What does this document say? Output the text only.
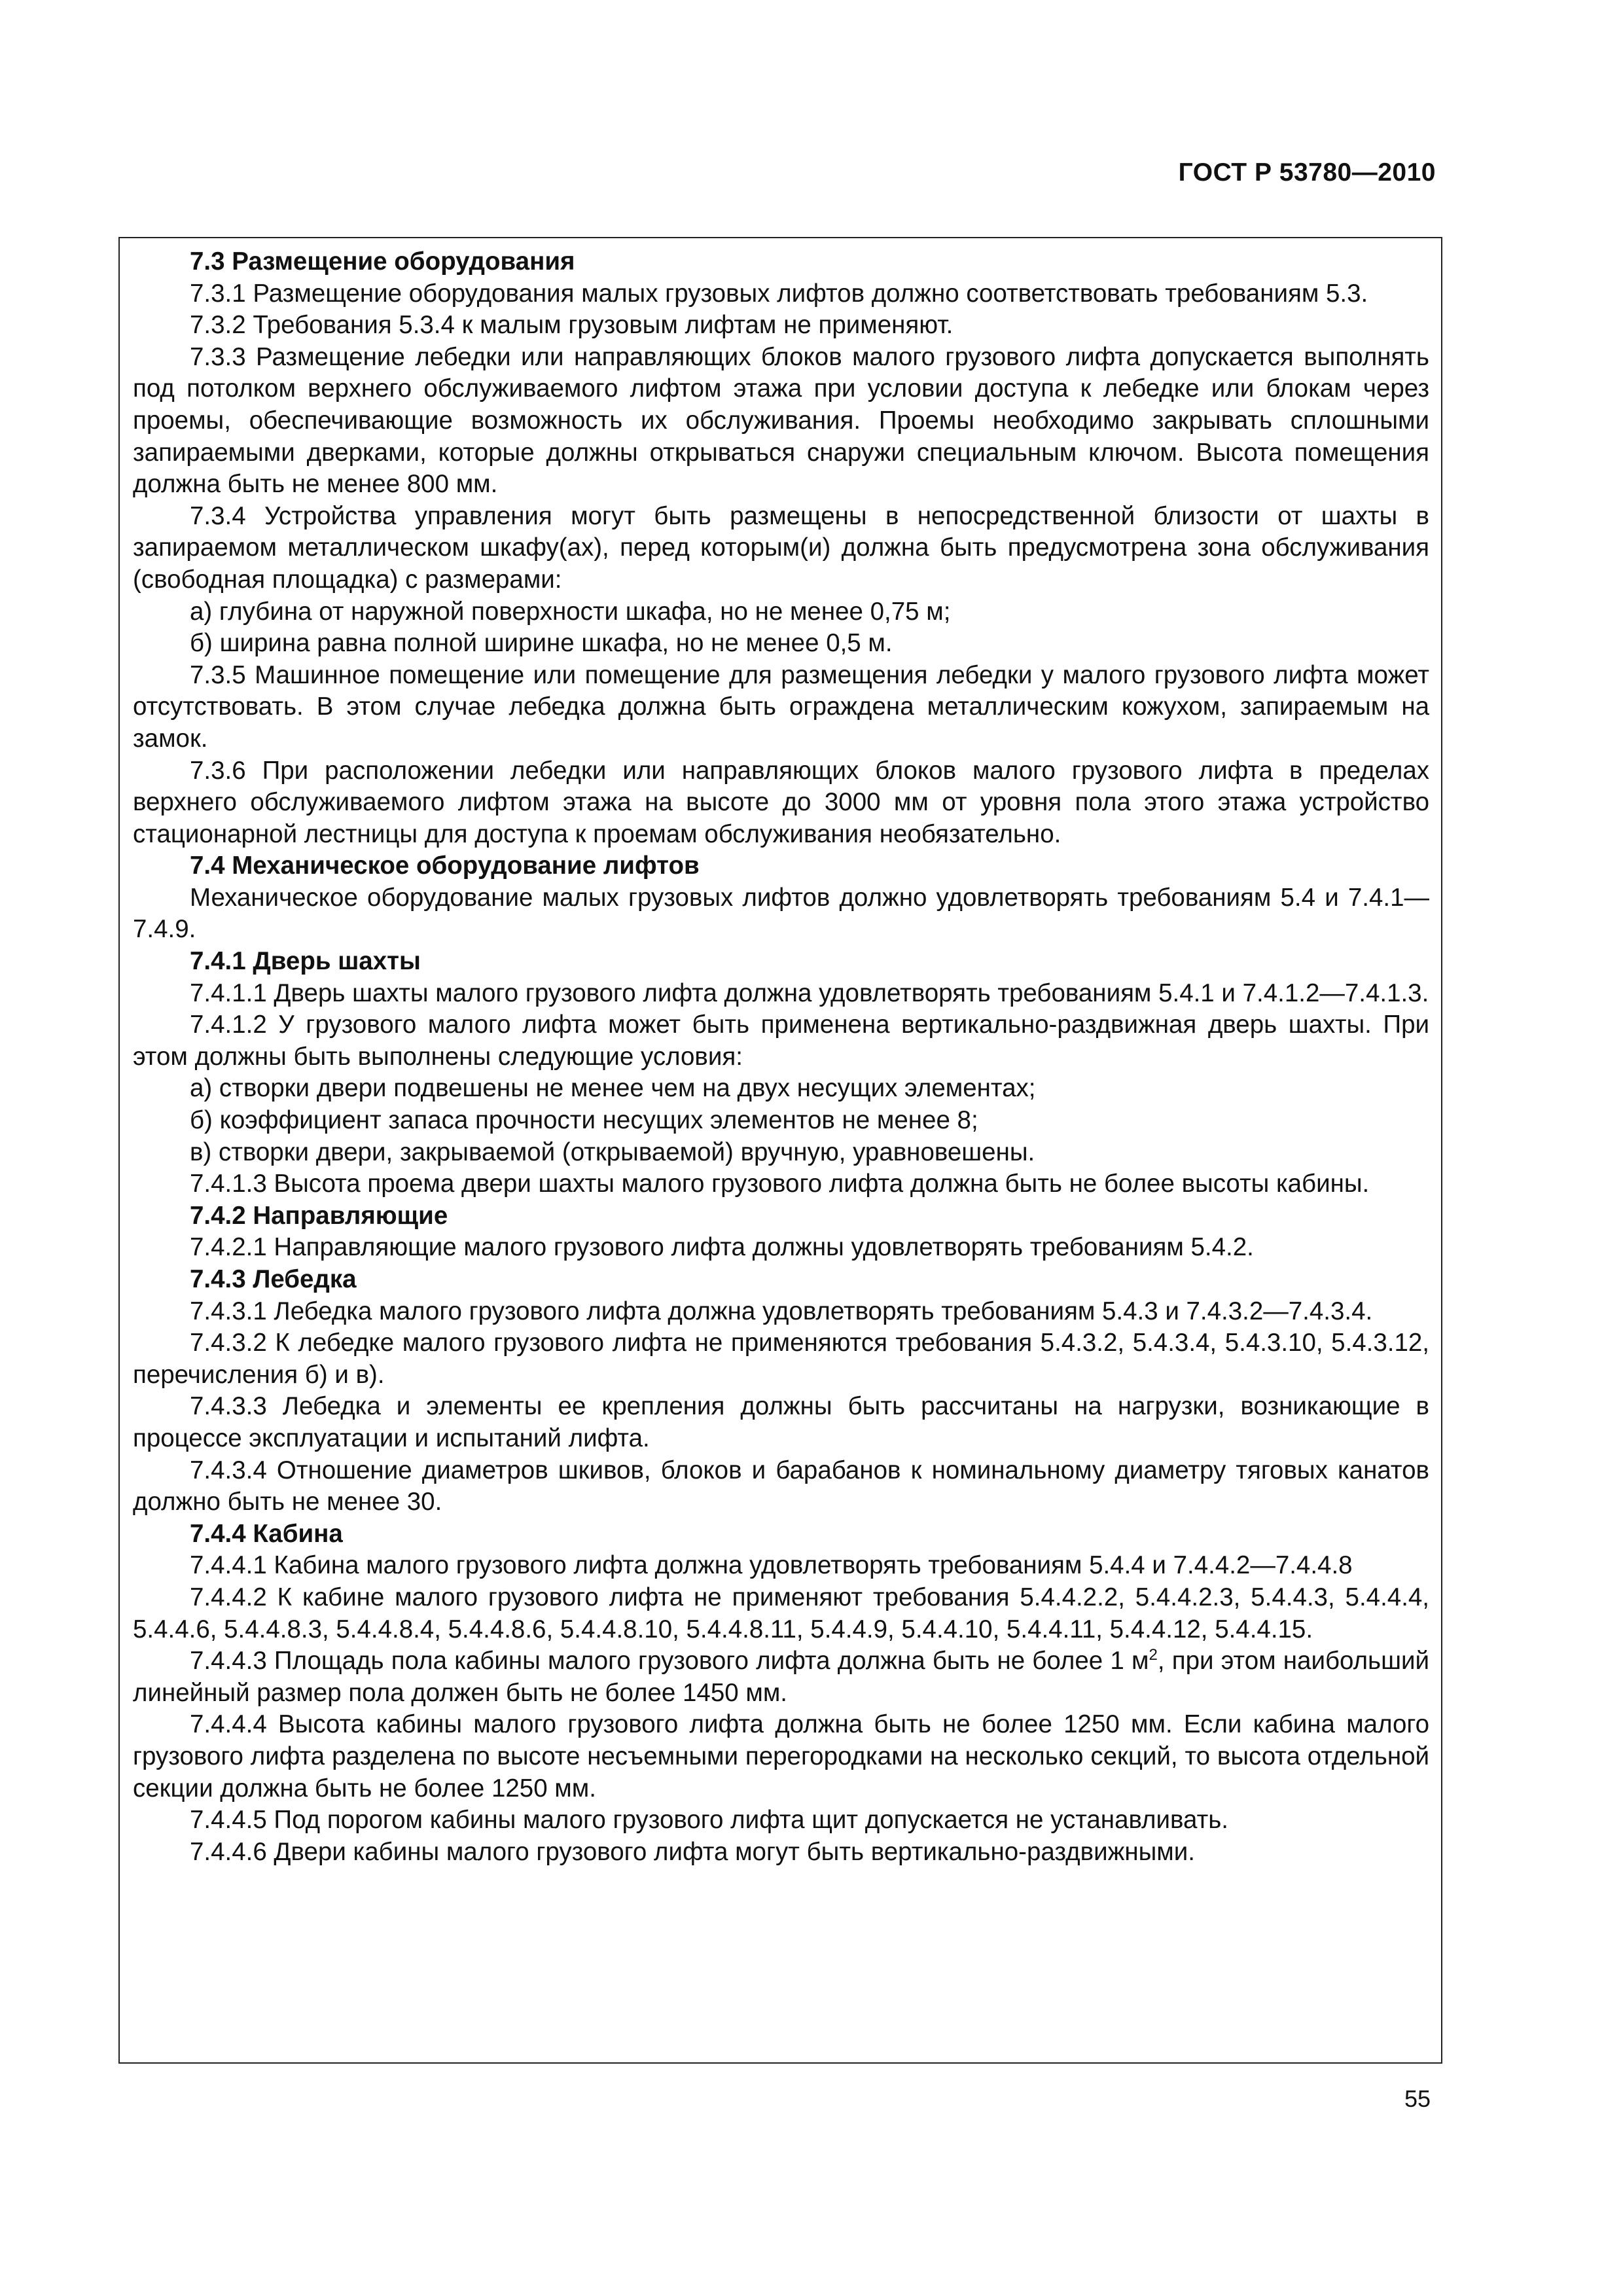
ГОСТ Р 53780—2010

7.3 Размещение оборудования

7.3.1 Размещение оборудования малых грузовых лифтов должно соответствовать требованиям 5.3.

7.3.2 Требования 5.3.4 к малым грузовым лифтам не применяют.

7.3.3 Размещение лебедки или направляющих блоков малого грузового лифта допускается выполнять под потолком верхнего обслуживаемого лифтом этажа при условии доступа к лебедке или блокам через проемы, обеспечивающие возможность их обслуживания. Проемы необходимо закрывать сплошными запираемыми дверками, которые должны открываться снаружи специальным ключом. Высота помещения должна быть не менее 800 мм.

7.3.4 Устройства управления могут быть размещены в непосредственной близости от шахты в запираемом металлическом шкафу(ах), перед которым(и) должна быть предусмотрена зона обслуживания (свободная площадка) с размерами:

а) глубина от наружной поверхности шкафа, но не менее 0,75 м;

б) ширина равна полной ширине шкафа, но не менее 0,5 м.

7.3.5 Машинное помещение или помещение для размещения лебедки у малого грузового лифта может отсутствовать. В этом случае лебедка должна быть ограждена металлическим кожухом, запираемым на замок.

7.3.6 При расположении лебедки или направляющих блоков малого грузового лифта в пределах верхнего обслуживаемого лифтом этажа на высоте до 3000 мм от уровня пола этого этажа устройство стационарной лестницы для доступа к проемам обслуживания необязательно.

7.4 Механическое оборудование лифтов

Механическое оборудование малых грузовых лифтов должно удовлетворять требованиям 5.4 и 7.4.1—7.4.9.

7.4.1 Дверь шахты

7.4.1.1 Дверь шахты малого грузового лифта должна удовлетворять требованиям 5.4.1 и 7.4.1.2—7.4.1.3.

7.4.1.2 У грузового малого лифта может быть применена вертикально-раздвижная дверь шахты. При этом должны быть выполнены следующие условия:

а) створки двери подвешены не менее чем на двух несущих элементах;

б) коэффициент запаса прочности несущих элементов не менее 8;

в) створки двери, закрываемой (открываемой) вручную, уравновешены.

7.4.1.3 Высота проема двери шахты малого грузового лифта должна быть не более высоты кабины.

7.4.2 Направляющие

7.4.2.1 Направляющие малого грузового лифта должны удовлетворять требованиям 5.4.2.

7.4.3 Лебедка

7.4.3.1 Лебедка малого грузового лифта должна удовлетворять требованиям 5.4.3 и 7.4.3.2—7.4.3.4.

7.4.3.2 К лебедке малого грузового лифта не применяются требования 5.4.3.2, 5.4.3.4, 5.4.3.10, 5.4.3.12, перечисления б) и в).

7.4.3.3 Лебедка и элементы ее крепления должны быть рассчитаны на нагрузки, возникающие в процессе эксплуатации и испытаний лифта.

7.4.3.4 Отношение диаметров шкивов, блоков и барабанов к номинальному диаметру тяговых канатов должно быть не менее 30.

7.4.4 Кабина

7.4.4.1 Кабина малого грузового лифта должна удовлетворять требованиям 5.4.4 и 7.4.4.2—7.4.4.8

7.4.4.2 К кабине малого грузового лифта не применяют требования 5.4.4.2.2, 5.4.4.2.3, 5.4.4.3, 5.4.4.4, 5.4.4.6, 5.4.4.8.3, 5.4.4.8.4, 5.4.4.8.6, 5.4.4.8.10, 5.4.4.8.11, 5.4.4.9, 5.4.4.10, 5.4.4.11, 5.4.4.12, 5.4.4.15.

7.4.4.3 Площадь пола кабины малого грузового лифта должна быть не более 1 $м^2$, при этом наибольший линейный размер пола должен быть не более 1450 мм.

7.4.4.4 Высота кабины малого грузового лифта должна быть не более 1250 мм. Если кабина малого грузового лифта разделена по высоте несъемными перегородками на несколько секций, то высота отдельной секции должна быть не более 1250 мм.

7.4.4.5 Под порогом кабины малого грузового лифта щит допускается не устанавливать.

7.4.4.6 Двери кабины малого грузового лифта могут быть вертикально-раздвижными.

55
